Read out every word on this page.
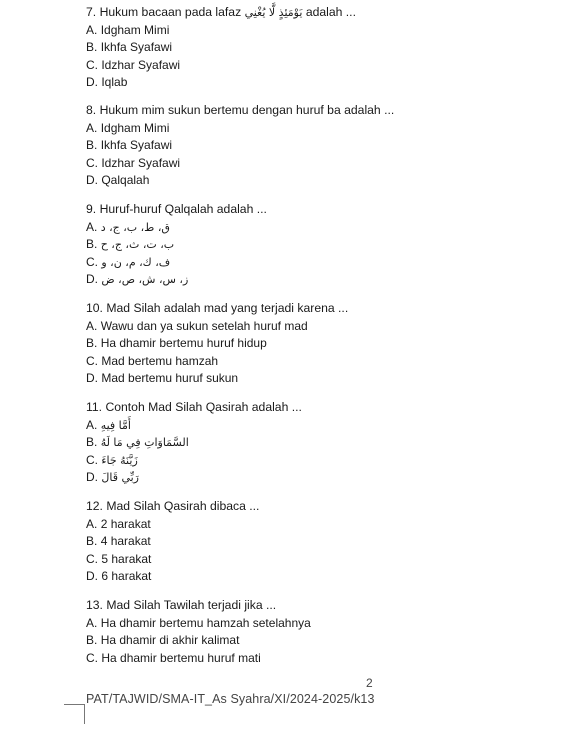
7. Hukum bacaan pada lafaz يَوْمَئِذٍ لَّا يُغْنِي adalah ...
A. Idgham Mimi
B. Ikhfa Syafawi
C. Idzhar Syafawi
D. Iqlab
8. Hukum mim sukun bertemu dengan huruf ba adalah ...
A. Idgham Mimi
B. Ikhfa Syafawi
C. Idzhar Syafawi
D. Qalqalah
9. Huruf-huruf Qalqalah adalah ...
A. ق، ط، ب، ج، د
B. ب، ت، ث، ج، ح
C. ف، ك، م، ن، و
D. ز، س، ش، ص، ض
10. Mad Silah adalah mad yang terjadi karena ...
A. Wawu dan ya sukun setelah huruf mad
B. Ha dhamir bertemu huruf hidup
C. Mad bertemu hamzah
D. Mad bertemu huruf sukun
11. Contoh Mad Silah Qasirah adalah ...
A. أَمَّا فِيهِ
B. السَّمَاوَاتِ فِي مَا لَهُ
C. زَيَّنَهُ جَاءَ
D. رَبِّي قَالَ
12. Mad Silah Qasirah dibaca ...
A. 2 harakat
B. 4 harakat
C. 5 harakat
D. 6 harakat
13. Mad Silah Tawilah terjadi jika ...
A. Ha dhamir bertemu hamzah setelahnya
B. Ha dhamir di akhir kalimat
C. Ha dhamir bertemu huruf mati
2
PAT/TAJWID/SMA-IT_As Syahra/XI/2024-2025/k13
